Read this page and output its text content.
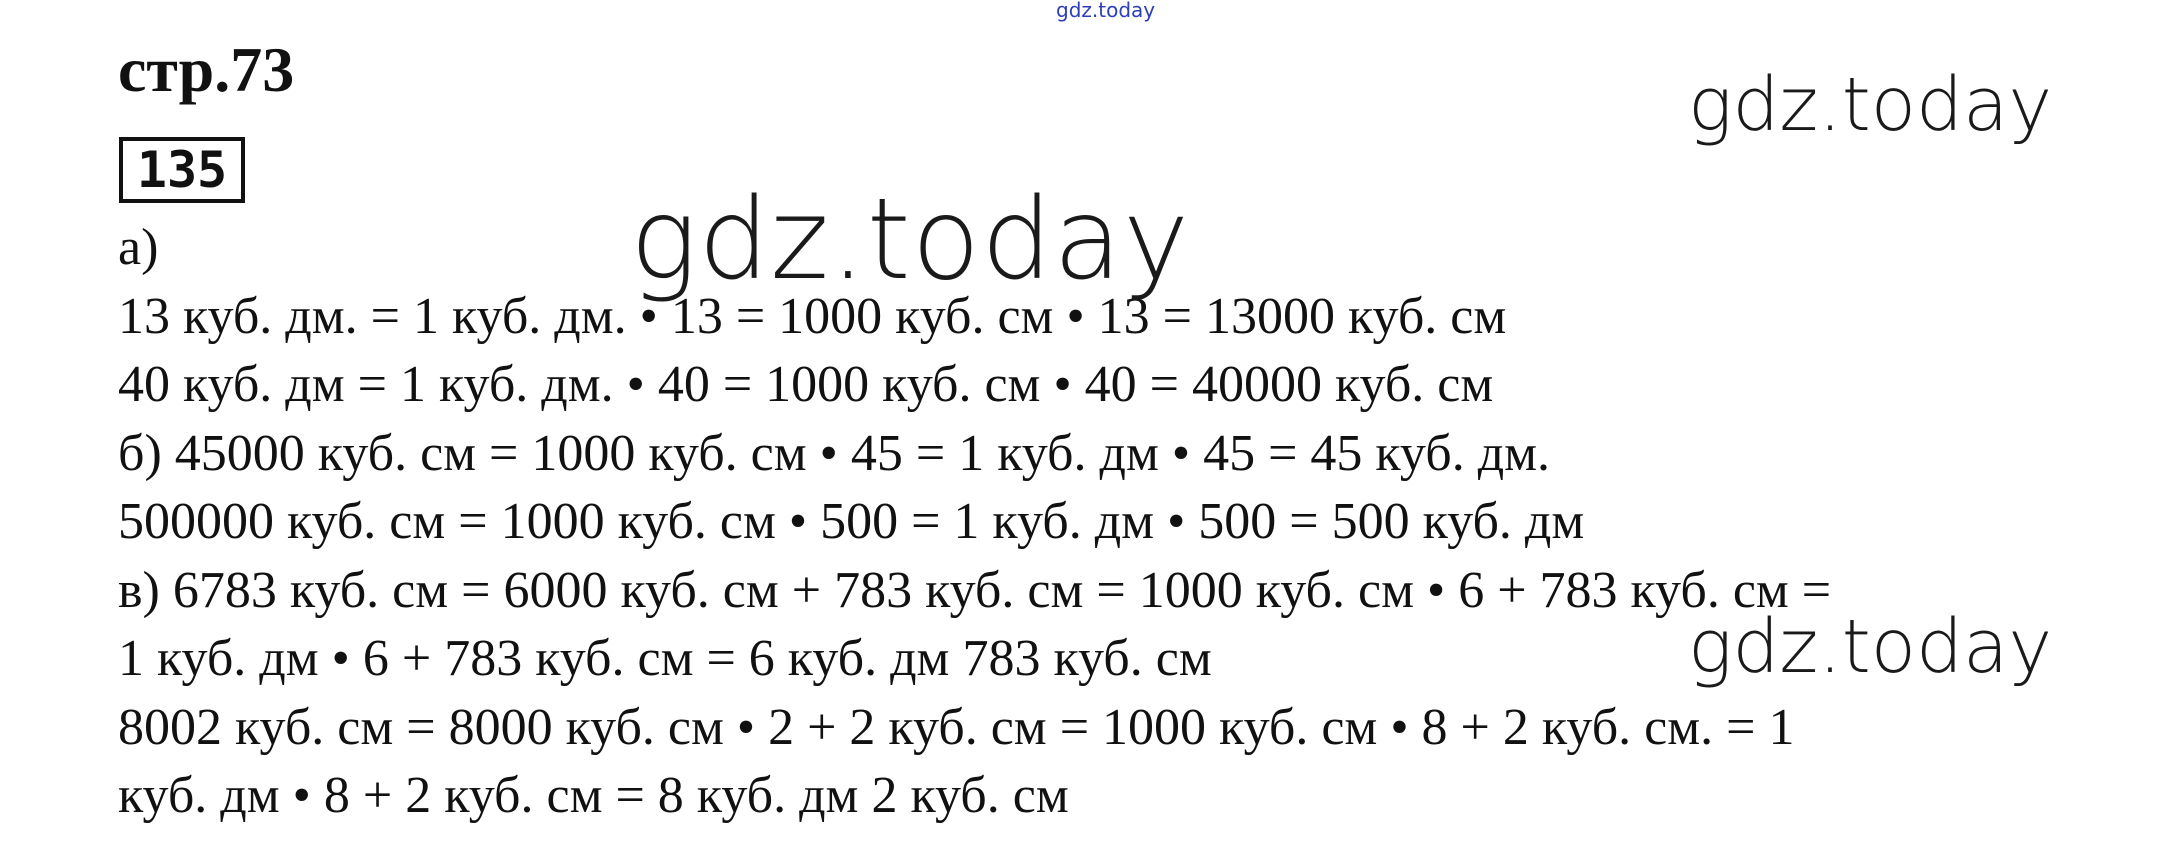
gdz.today
стр.73
135
а)
13 куб. дм. = 1 куб. дм. • 13 = 1000 куб. см • 13 = 13000 куб. см
40 куб. дм = 1 куб. дм. • 40 = 1000 куб. см • 40 = 40000 куб. см
б) 45000 куб. см = 1000 куб. см • 45 = 1 куб. дм • 45 = 45 куб. дм.
500000 куб. см = 1000 куб. см • 500 = 1 куб. дм • 500 = 500 куб. дм
в) 6783 куб. см = 6000 куб. см + 783 куб. см = 1000 куб. см • 6 + 783 куб. см =
1 куб. дм • 6 + 783 куб. см = 6 куб. дм 783 куб. см
8002 куб. см = 8000 куб. см • 2 + 2 куб. см = 1000 куб. см • 8 + 2 куб. см. = 1
куб. дм • 8 + 2 куб. см = 8 куб. дм 2 куб. см
gdz.today
gdz.today
gdz.today
